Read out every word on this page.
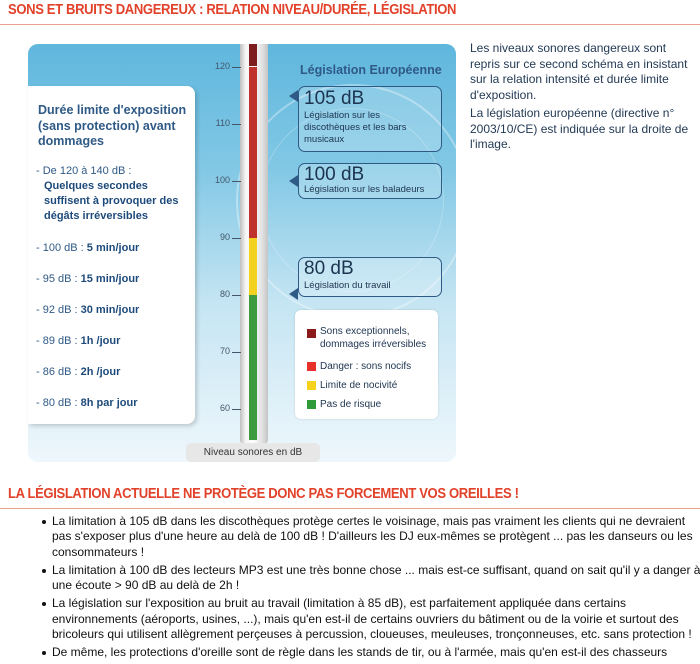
SONS ET BRUITS DANGEREUX : RELATION NIVEAU/DURÉE, LÉGISLATION
Durée limite d'exposition (sans protection) avant dommages
- De 120 à 140 dB :
Quelques secondes suffisent à provoquer des dégâts irréversibles
- 100 dB : 5 min/jour
- 95 dB : 15 min/jour
- 92 dB : 30 min/jour
- 89 dB : 1h /jour
- 86 dB : 2h /jour
- 80 dB : 8h par jour
120
110
100
90
80
70
60
Niveau sonores en dB
Législation Européenne
105 dB
Législation sur les discothèques et les bars musicaux
100 dB
Législation sur les baladeurs
80 dB
Législation du travail
Sons exceptionnels, dommages irréversibles
Danger : sons nocifs
Limite de nocivité
Pas de risque
Les niveaux sonores dangereux sont repris sur ce second schéma en insistant sur la relation intensité et durée limite d'exposition.
La législation européenne (directive n° 2003/10/CE) est indiquée sur la droite de l'image.
LA LÉGISLATION ACTUELLE NE PROTÈGE DONC PAS FORCEMENT VOS OREILLES !
La limitation à 105 dB dans les discothèques protège certes le voisinage, mais pas vraiment les clients qui ne devraient pas s'exposer plus d'une heure au delà de 100 dB ! D'ailleurs les DJ eux-mêmes se protègent ... pas les danseurs ou les consommateurs !
La limitation à 100 dB des lecteurs MP3 est une très bonne chose ... mais est-ce suffisant, quand on sait qu'il y a danger à une écoute > 90 dB au delà de 2h !
La législation sur l'exposition au bruit au travail (limitation à 85 dB), est parfaitement appliquée dans certains environnements (aéroports, usines, ...), mais qu'en est-il de certains ouvriers du bâtiment ou de la voirie et surtout des bricoleurs qui utilisent allègrement perçeuses à percussion, cloueuses, meuleuses, tronçonneuses, etc. sans protection !
De même, les protections d'oreille sont de règle dans les stands de tir, ou à l'armée, mais qu'en est-il des chasseurs
